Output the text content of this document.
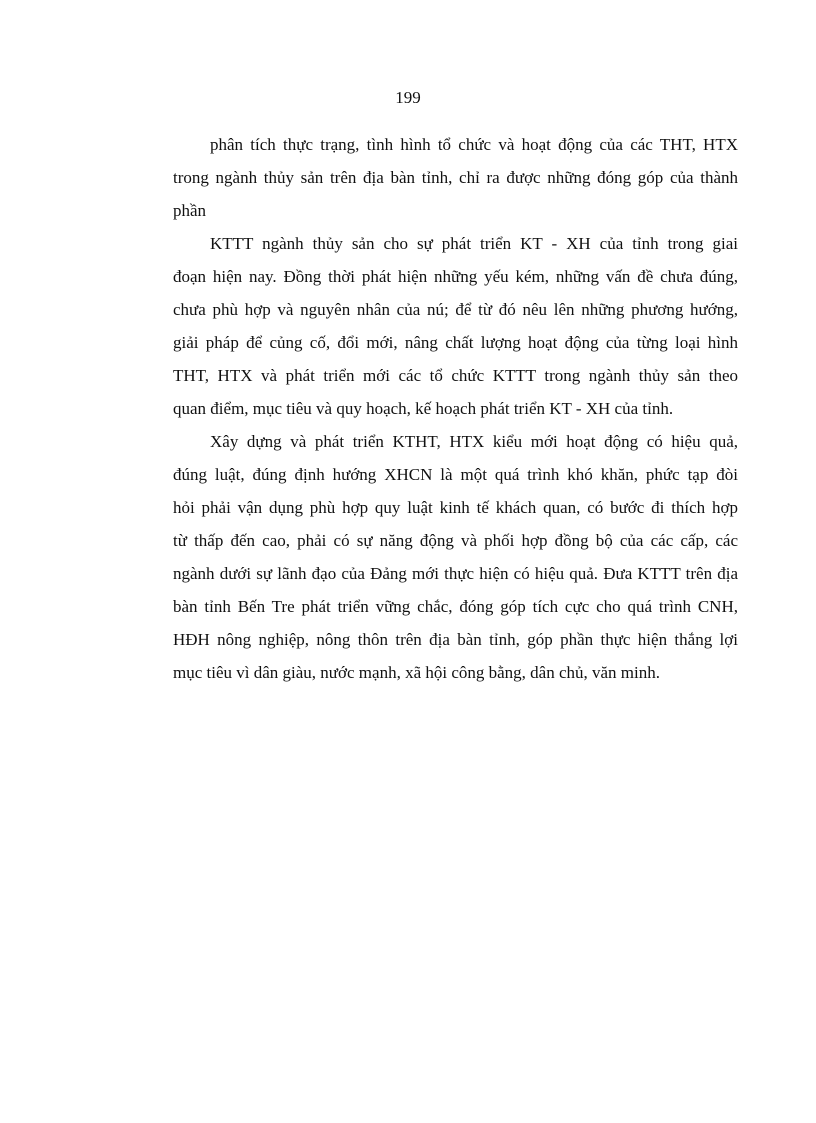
199

phân tích thực trạng, tình hình tổ chức và hoạt động của các THT, HTX
trong ngành thủy sản trên địa bàn tỉnh, chỉ ra được những đóng góp của thành
phần

KTTT ngành thủy sản cho sự phát triển KT - XH của tỉnh trong giai
đoạn hiện nay. Đồng thời phát hiện những yếu kém, những vấn đề chưa đúng,
chưa phù hợp và nguyên nhân của nú; để từ đó nêu lên những phương hướng,
giải pháp để củng cố, đổi mới, nâng chất lượng hoạt động của từng loại hình
THT, HTX và phát triển mới các tổ chức KTTT trong ngành thủy sản theo
quan điểm, mục tiêu và quy hoạch, kế hoạch phát triển KT - XH của tỉnh.

Xây dựng và phát triển KTHT, HTX kiểu mới hoạt động có hiệu quả,
đúng luật, đúng định hướng XHCN là một quá trình khó khăn, phức tạp đòi
hỏi phải vận dụng phù hợp quy luật kinh tế khách quan, có bước đi thích hợp
từ thấp đến cao, phải có sự năng động và phối hợp đồng bộ của các cấp, các
ngành dưới sự lãnh đạo của Đảng mới thực hiện có hiệu quả. Đưa KTTT trên địa
bàn tỉnh Bến Tre phát triển vững chắc, đóng góp tích cực cho quá trình CNH,
HĐH nông nghiệp, nông thôn trên địa bàn tỉnh, góp phần thực hiện thắng lợi
mục tiêu vì dân giàu, nước mạnh, xã hội công bằng, dân chủ, văn minh.
